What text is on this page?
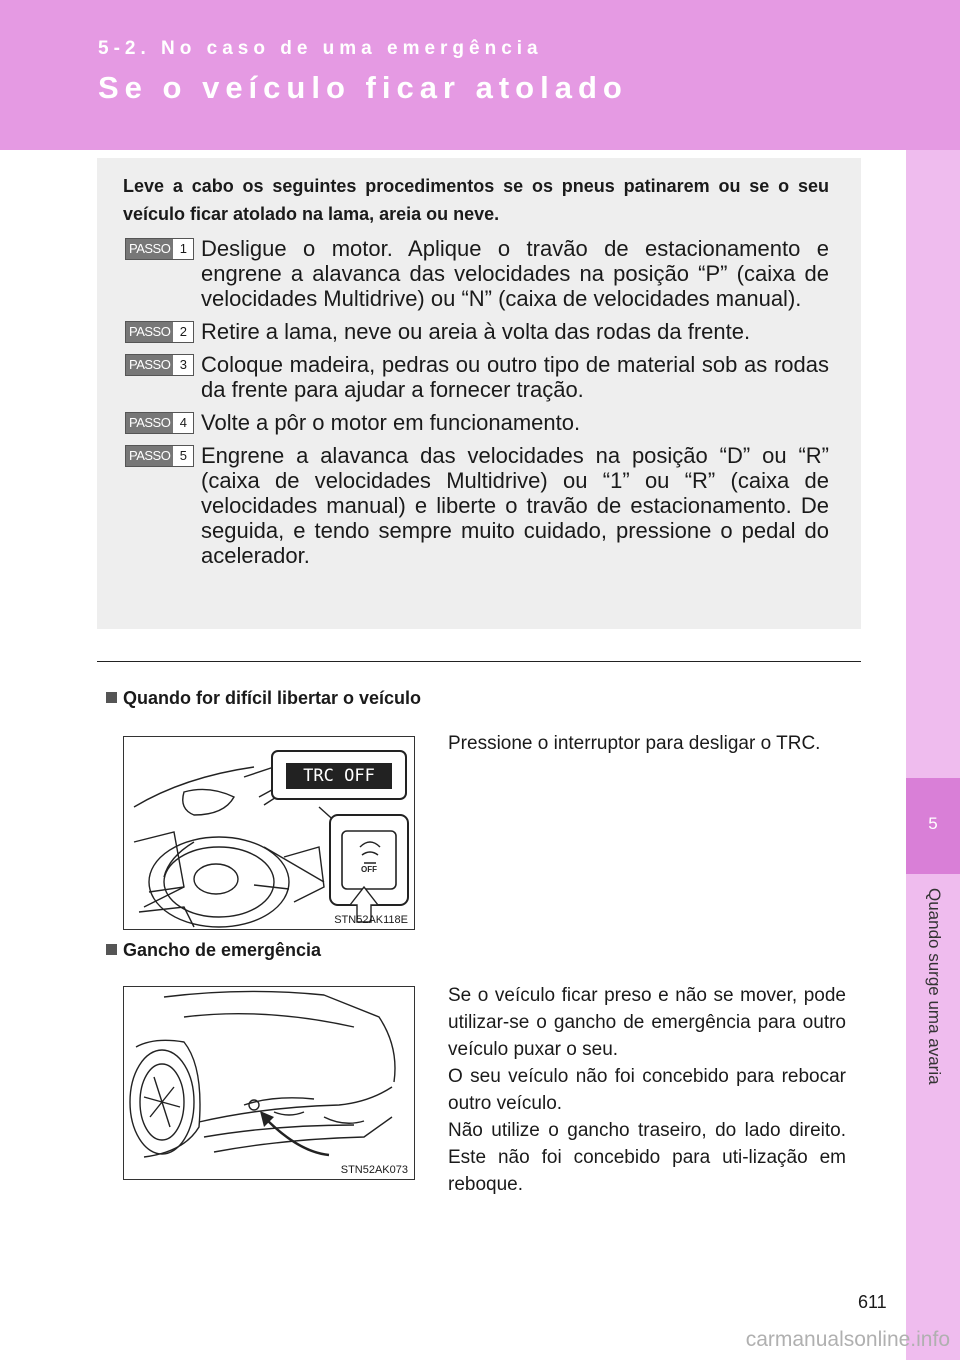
5-2. No caso de uma emergência
Se o veículo ficar atolado
5
Quando surge uma avaria
Leve a cabo os seguintes procedimentos se os pneus patinarem ou se o seu veículo ficar atolado na lama, areia ou neve.
PASSO 1 Desligue o motor. Aplique o travão de estacionamento e engrene a alavanca das velocidades na posição “P” (caixa de velocidades Multidrive) ou “N” (caixa de velocidades manual).
PASSO 2 Retire a lama, neve ou areia à volta das rodas da frente.
PASSO 3 Coloque madeira, pedras ou outro tipo de material sob as rodas da frente para ajudar a fornecer tração.
PASSO 4 Volte a pôr o motor em funcionamento.
PASSO 5 Engrene a alavanca das velocidades na posição “D” ou “R” (caixa de velocidades Multidrive) ou “1” ou “R” (caixa de velocidades manual) e liberte o travão de estacionamento. De seguida, e tendo sempre muito cuidado, pressione o pedal do acelerador.
Quando for difícil libertar o veículo
TRC OFF
OFF
STN52AK118E
Pressione o interruptor para desligar o TRC.
Gancho de emergência
STN52AK073
Se o veículo ficar preso e não se mover, pode utilizar-se o gancho de emergência para outro veículo puxar o seu.
O seu veículo não foi concebido para rebocar outro veículo.
Não utilize o gancho traseiro, do lado direito. Este não foi concebido para uti-lização em reboque.
611
carmanualsonline.info
